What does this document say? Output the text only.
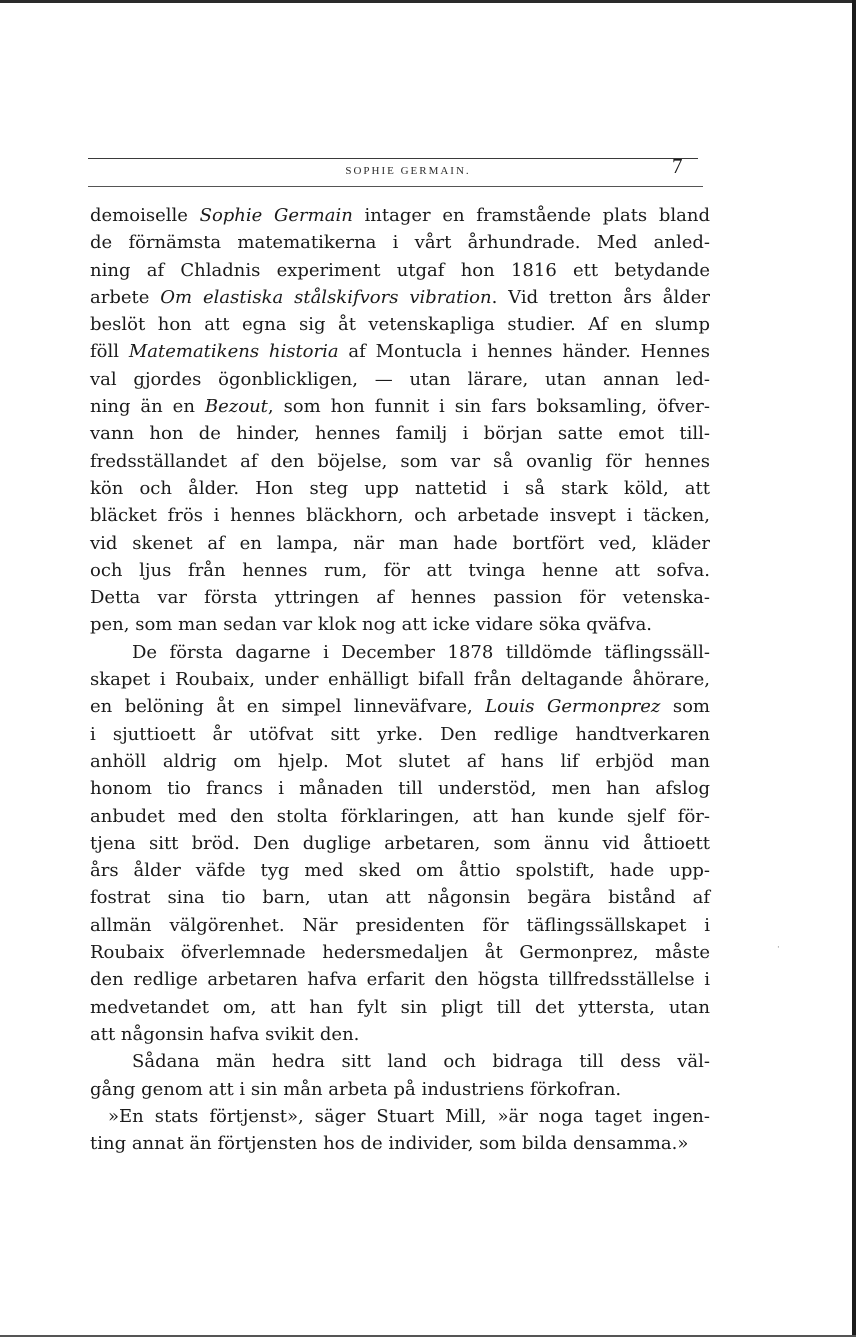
SOPHIE GERMAIN.	7
demoiselle Sophie Germain intager en framstående plats bland
de förnämsta matematikerna i vårt århundrade. Med anled-
ning af Chladnis experiment utgaf hon 1816 ett betydande
arbete Om elastiska stålskifvors vibration. Vid tretton års ålder
beslöt hon att egna sig åt vetenskapliga studier. Af en slump
föll Matematikens historia af Montucla i hennes händer. Hennes
val gjordes ögonblickligen, — utan lärare, utan annan led-
ning än en Bezout, som hon funnit i sin fars boksamling, öfver-
vann hon de hinder, hennes familj i början satte emot till-
fredsställandet af den böjelse, som var så ovanlig för hennes
kön och ålder. Hon steg upp nattetid i så stark köld, att
bläcket frös i hennes bläckhorn, och arbetade insvept i täcken,
vid skenet af en lampa, när man hade bortfört ved, kläder
och ljus från hennes rum, för att tvinga henne att sofva.
Detta var första yttringen af hennes passion för vetenska-
pen, som man sedan var klok nog att icke vidare söka qväfva.
De första dagarne i December 1878 tilldömde täflingssäll-
skapet i Roubaix, under enhälligt bifall från deltagande åhörare,
en belöning åt en simpel linneväfvare, Louis Germonprez som
i sjuttioett år utöfvat sitt yrke. Den redlige handtverkaren
anhöll aldrig om hjelp. Mot slutet af hans lif erbjöd man
honom tio francs i månaden till understöd, men han afslog
anbudet med den stolta förklaringen, att han kunde sjelf för-
tjena sitt bröd. Den duglige arbetaren, som ännu vid åttioett
års ålder väfde tyg med sked om åttio spolstift, hade upp-
fostrat sina tio barn, utan att någonsin begära bistånd af
allmän välgörenhet. När presidenten för täflingssällskapet i
Roubaix öfverlemnade hedersmedaljen åt Germonprez, måste
den redlige arbetaren hafva erfarit den högsta tillfredsställelse i
medvetandet om, att han fylt sin pligt till det yttersta, utan
att någonsin hafva svikit den.
Sådana män hedra sitt land och bidraga till dess väl-
gång genom att i sin mån arbeta på industriens förkofran.
»En stats förtjenst», säger Stuart Mill, »är noga taget ingen-
ting annat än förtjensten hos de individer, som bilda densamma.»
·
